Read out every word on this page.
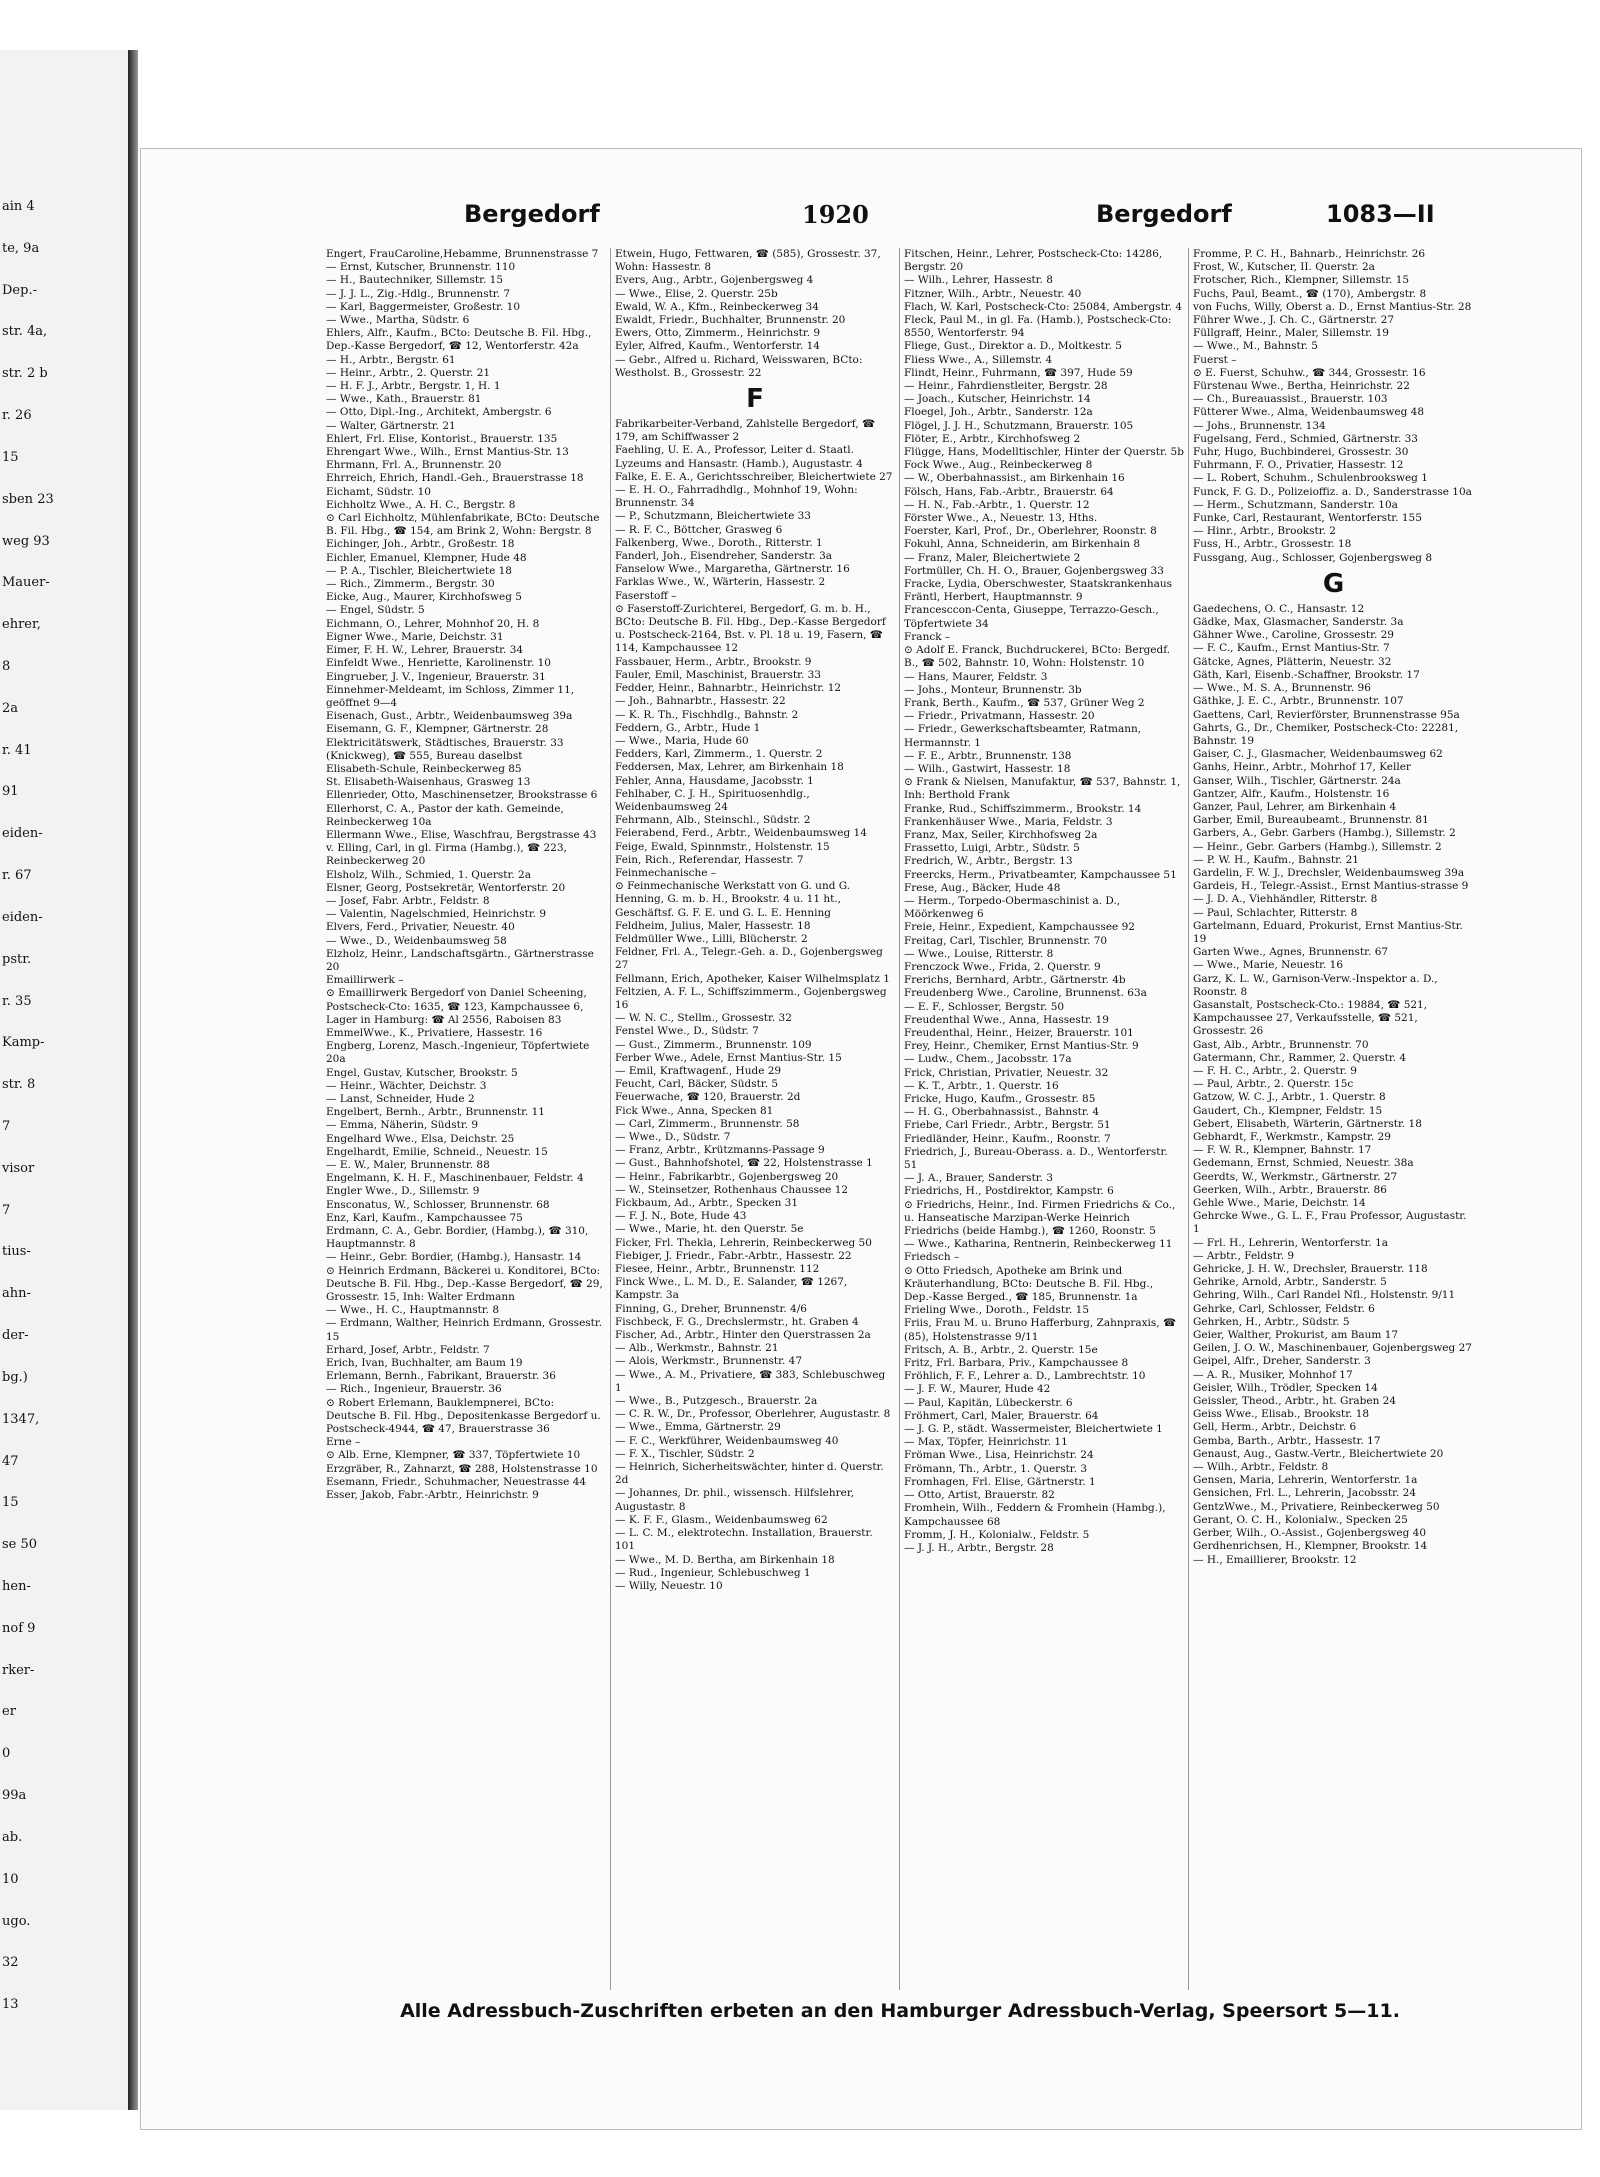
ain 4
te, 9a
Dep.-
str. 4a,
str. 2 b
r. 26
15
sben 23
weg 93
Mauer-
ehrer,
8
2a
r. 41
91
eiden-
r. 67
eiden-
pstr.
r. 35
Kamp-
str. 8
7
visor
7
tius-
ahn-
der-
bg.)
1347,
47
15
se 50
hen-
nof 9
rker-
er
0
99a
ab.
10
ugo.
32
13
Bergedorf	1920	Bergedorf	1083—II
Engert, FrauCaroline,Hebamme, Brunnenstrasse 7
— Ernst, Kutscher, Brunnenstr. 110
— H., Bautechniker, Sillemstr. 15
— J. J. L., Zig.-Hdlg., Brunnenstr. 7
— Karl, Baggermeister, Großestr. 10
— Wwe., Martha, Südstr. 6
Ehlers, Alfr., Kaufm., BCto: Deutsche B. Fil. Hbg., Dep.-Kasse Bergedorf, ☎ 12, Wentorferstr. 42a
— H., Arbtr., Bergstr. 61
— Heinr., Arbtr., 2. Querstr. 21
— H. F. J., Arbtr., Bergstr. 1, H. 1
— Wwe., Kath., Brauerstr. 81
— Otto, Dipl.-Ing., Architekt, Ambergstr. 6
— Walter, Gärtnerstr. 21
Ehlert, Frl. Elise, Kontorist., Brauerstr. 135
Ehrengart Wwe., Wilh., Ernst Mantius-Str. 13
Ehrmann, Frl. A., Brunnenstr. 20
Ehrreich, Ehrich, Handl.-Geh., Brauerstrasse 18
Eichamt, Südstr. 10
Eichholtz Wwe., A. H. C., Bergstr. 8
⊙ Carl Eichholtz, Mühlenfabrikate, BCto: Deutsche B. Fil. Hbg., ☎ 154, am Brink 2, Wohn: Bergstr. 8
Eichinger, Joh., Arbtr., Großestr. 18
Eichler, Emanuel, Klempner, Hude 48
— P. A., Tischler, Bleichertwiete 18
— Rich., Zimmerm., Bergstr. 30
Eicke, Aug., Maurer, Kirchhofsweg 5
— Engel, Südstr. 5
Eichmann, O., Lehrer, Mohnhof 20, H. 8
Eigner Wwe., Marie, Deichstr. 31
Eimer, F. H. W., Lehrer, Brauerstr. 34
Einfeldt Wwe., Henriette, Karolinenstr. 10
Eingrueber, J. V., Ingenieur, Brauerstr. 31
Einnehmer-Meldeamt, im Schloss, Zimmer 11, geöffnet 9—4
Eisenach, Gust., Arbtr., Weidenbaumsweg 39a
Eisemann, G. F., Klempner, Gärtnerstr. 28
Elektricitätswerk, Städtisches, Brauerstr. 33 (Knickweg), ☎ 555, Bureau daselbst
Elisabeth-Schule, Reinbeckerweg 85
St. Elisabeth-Waisenhaus, Grasweg 13
Ellenrieder, Otto, Maschinensetzer, Brookstrasse 6
Ellerhorst, C. A., Pastor der kath. Gemeinde, Reinbeckerweg 10a
Ellermann Wwe., Elise, Waschfrau, Bergstrasse 43
v. Elling, Carl, in gl. Firma (Hambg.), ☎ 223, Reinbeckerweg 20
Elsholz, Wilh., Schmied, 1. Querstr. 2a
Elsner, Georg, Postsekretär, Wentorferstr. 20
— Josef, Fabr. Arbtr., Feldstr. 8
— Valentin, Nagelschmied, Heinrichstr. 9
Elvers, Ferd., Privatier, Neuestr. 40
— Wwe., D., Weidenbaumsweg 58
Elzholz, Heinr., Landschaftsgärtn., Gärtnerstrasse 20
Emaillirwerk –
⊙ Emaillirwerk Bergedorf von Daniel Scheening, Postscheck-Cto: 1635, ☎ 123, Kampchaussee 6, Lager in Hamburg: ☎ Al 2556, Raboisen 83
EmmelWwe., K., Privatiere, Hassestr. 16
Engberg, Lorenz, Masch.-Ingenieur, Töpfertwiete 20a
Engel, Gustav, Kutscher, Brookstr. 5
— Heinr., Wächter, Deichstr. 3
— Lanst, Schneider, Hude 2
Engelbert, Bernh., Arbtr., Brunnenstr. 11
— Emma, Näherin, Südstr. 9
Engelhard Wwe., Elsa, Deichstr. 25
Engelhardt, Emilie, Schneid., Neuestr. 15
— E. W., Maler, Brunnenstr. 88
Engelmann, K. H. F., Maschinenbauer, Feldstr. 4
Engler Wwe., D., Sillemstr. 9
Ensconatus, W., Schlosser, Brunnenstr. 68
Enz, Karl, Kaufm., Kampchaussee 75
Erdmann, C. A., Gebr. Bordier, (Hambg.), ☎ 310, Hauptmannstr. 8
— Heinr., Gebr. Bordier, (Hambg.), Hansastr. 14
⊙ Heinrich Erdmann, Bäckerei u. Konditorei, BCto: Deutsche B. Fil. Hbg., Dep.-Kasse Bergedorf, ☎ 29, Grossestr. 15, Inh: Walter Erdmann
— Wwe., H. C., Hauptmannstr. 8
— Erdmann, Walther, Heinrich Erdmann, Grossestr. 15
Erhard, Josef, Arbtr., Feldstr. 7
Erich, Ivan, Buchhalter, am Baum 19
Erlemann, Bernh., Fabrikant, Brauerstr. 36
— Rich., Ingenieur, Brauerstr. 36
⊙ Robert Erlemann, Bauklempnerei, BCto: Deutsche B. Fil. Hbg., Depositenkasse Bergedorf u. Postscheck-4944, ☎ 47, Brauerstrasse 36
Erne –
⊙ Alb. Erne, Klempner, ☎ 337, Töpfertwiete 10
Erzgräber, R., Zahnarzt, ☎ 288, Holstenstrasse 10
Esemann, Friedr., Schuhmacher, Neuestrasse 44
Esser, Jakob, Fabr.-Arbtr., Heinrichstr. 9
Etwein, Hugo, Fettwaren, ☎ (585), Grossestr. 37, Wohn: Hassestr. 8
Evers, Aug., Arbtr., Gojenbergsweg 4
— Wwe., Elise, 2. Querstr. 25b
Ewald, W. A., Kfm., Reinbeckerweg 34
Ewaldt, Friedr., Buchhalter, Brunnenstr. 20
Ewers, Otto, Zimmerm., Heinrichstr. 9
Eyler, Alfred, Kaufm., Wentorferstr. 14
— Gebr., Alfred u. Richard, Weisswaren, BCto: Westholst. B., Grossestr. 22
F
Fabrikarbeiter-Verband, Zahlstelle Bergedorf, ☎ 179, am Schiffwasser 2
Faehling, U. E. A., Professor, Leiter d. Staatl. Lyzeums and Hansastr. (Hamb.), Augustastr. 4
Falke, E. E. A., Gerichtsschreiber, Bleichertwiete 27
— E. H. O., Fahrradhdlg., Mohnhof 19, Wohn: Brunnenstr. 34
— P., Schutzmann, Bleichertwiete 33
— R. F. C., Böttcher, Grasweg 6
Falkenberg, Wwe., Doroth., Ritterstr. 1
Fanderl, Joh., Eisendreher, Sanderstr. 3a
Fanselow Wwe., Margaretha, Gärtnerstr. 16
Farklas Wwe., W., Wärterin, Hassestr. 2
Faserstoff –
⊙ Faserstoff-Zurichterei, Bergedorf, G. m. b. H., BCto: Deutsche B. Fil. Hbg., Dep.-Kasse Bergedorf u. Postscheck-2164, Bst. v. Pl. 18 u. 19, Fasern, ☎ 114, Kampchaussee 12
Fassbauer, Herm., Arbtr., Brookstr. 9
Fauler, Emil, Maschinist, Brauerstr. 33
Fedder, Heinr., Bahnarbtr., Heinrichstr. 12
— Joh., Bahnarbtr., Hassestr. 22
— K. R. Th., Fischhdlg., Bahnstr. 2
Feddern, G., Arbtr., Hude 1
— Wwe., Maria, Hude 60
Fedders, Karl, Zimmerm., 1. Querstr. 2
Feddersen, Max, Lehrer, am Birkenhain 18
Fehler, Anna, Hausdame, Jacobsstr. 1
Fehlhaber, C. J. H., Spirituosenhdlg., Weidenbaumsweg 24
Fehrmann, Alb., Steinschl., Südstr. 2
Feierabend, Ferd., Arbtr., Weidenbaumsweg 14
Feige, Ewald, Spinnmstr., Holstenstr. 15
Fein, Rich., Referendar, Hassestr. 7
Feinmechanische –
⊙ Feinmechanische Werkstatt von G. und G. Henning, G. m. b. H., Brookstr. 4 u. 11 ht., Geschäftsf. G. F. E. und G. L. E. Henning
Feldheim, Julius, Maler, Hassestr. 18
Feldmüller Wwe., Lilli, Blücherstr. 2
Feldner, Frl. A., Telegr.-Geh. a. D., Gojenbergsweg 27
Fellmann, Erich, Apotheker, Kaiser Wilhelmsplatz 1
Feltzien, A. F. L., Schiffszimmerm., Gojenbergsweg 16
— W. N. C., Stellm., Grossestr. 32
Fenstel Wwe., D., Südstr. 7
— Gust., Zimmerm., Brunnenstr. 109
Ferber Wwe., Adele, Ernst Mantius-Str. 15
— Emil, Kraftwagenf., Hude 29
Feucht, Carl, Bäcker, Südstr. 5
Feuerwache, ☎ 120, Brauerstr. 2d
Fick Wwe., Anna, Specken 81
— Carl, Zimmerm., Brunnenstr. 58
— Wwe., D., Südstr. 7
— Franz, Arbtr., Krützmanns-Passage 9
— Gust., Bahnhofshotel, ☎ 22, Holstenstrasse 1
— Heinr., Fabrikarbtr., Gojenbergsweg 20
— W., Steinsetzer, Rothenhaus Chaussee 12
Fickbaum, Ad., Arbtr., Specken 31
— F. J. N., Bote, Hude 43
— Wwe., Marie, ht. den Querstr. 5e
Ficker, Frl. Thekla, Lehrerin, Reinbeckerweg 50
Fiebiger, J. Friedr., Fabr.-Arbtr., Hassestr. 22
Fiesee, Heinr., Arbtr., Brunnenstr. 112
Finck Wwe., L. M. D., E. Salander, ☎ 1267, Kampstr. 3a
Finning, G., Dreher, Brunnenstr. 4/6
Fischbeck, F. G., Drechslermstr., ht. Graben 4
Fischer, Ad., Arbtr., Hinter den Querstrassen 2a
— Alb., Werkmstr., Bahnstr. 21
— Alois, Werkmstr., Brunnenstr. 47
— Wwe., A. M., Privatiere, ☎ 383, Schlebuschweg 1
— Wwe., B., Putzgesch., Brauerstr. 2a
— C. R. W., Dr., Professor, Oberlehrer, Augustastr. 8
— Wwe., Emma, Gärtnerstr. 29
— F. C., Werkführer, Weidenbaumsweg 40
— F. X., Tischler, Südstr. 2
— Heinrich, Sicherheitswächter, hinter d. Querstr. 2d
— Johannes, Dr. phil., wissensch. Hilfslehrer, Augustastr. 8
— K. F. F., Glasm., Weidenbaumsweg 62
— L. C. M., elektrotechn. Installation, Brauerstr. 101
— Wwe., M. D. Bertha, am Birkenhain 18
— Rud., Ingenieur, Schlebuschweg 1
— Willy, Neuestr. 10
Fitschen, Heinr., Lehrer, Postscheck-Cto: 14286, Bergstr. 20
— Wilh., Lehrer, Hassestr. 8
Fitzner, Wilh., Arbtr., Neuestr. 40
Flach, W. Karl, Postscheck-Cto: 25084, Ambergstr. 4
Fleck, Paul M., in gl. Fa. (Hamb.), Postscheck-Cto: 8550, Wentorferstr. 94
Fliege, Gust., Direktor a. D., Moltkestr. 5
Fliess Wwe., A., Sillemstr. 4
Flindt, Heinr., Fuhrmann, ☎ 397, Hude 59
— Heinr., Fahrdienstleiter, Bergstr. 28
— Joach., Kutscher, Heinrichstr. 14
Floegel, Joh., Arbtr., Sanderstr. 12a
Flögel, J. J. H., Schutzmann, Brauerstr. 105
Flöter, E., Arbtr., Kirchhofsweg 2
Flügge, Hans, Modelltischler, Hinter der Querstr. 5b
Fock Wwe., Aug., Reinbeckerweg 8
— W., Oberbahnassist., am Birkenhain 16
Fölsch, Hans, Fab.-Arbtr., Brauerstr. 64
— H. N., Fab.-Arbtr., 1. Querstr. 12
Förster Wwe., A., Neuestr. 13, Hths.
Foerster, Karl, Prof., Dr., Oberlehrer, Roonstr. 8
Fokuhl, Anna, Schneiderin, am Birkenhain 8
— Franz, Maler, Bleichertwiete 2
Fortmüller, Ch. H. O., Brauer, Gojenbergsweg 33
Fracke, Lydia, Oberschwester, Staatskrankenhaus
Fräntl, Herbert, Hauptmannstr. 9
Francesccon-Centa, Giuseppe, Terrazzo-Gesch., Töpfertwiete 34
Franck –
⊙ Adolf E. Franck, Buchdruckerei, BCto: Bergedf. B., ☎ 502, Bahnstr. 10, Wohn: Holstenstr. 10
— Hans, Maurer, Feldstr. 3
— Johs., Monteur, Brunnenstr. 3b
Frank, Berth., Kaufm., ☎ 537, Grüner Weg 2
— Friedr., Privatmann, Hassestr. 20
— Friedr., Gewerkschaftsbeamter, Ratmann, Hermannstr. 1
— F. E., Arbtr., Brunnenstr. 138
— Wilh., Gastwirt, Hassestr. 18
⊙ Frank & Nielsen, Manufaktur, ☎ 537, Bahnstr. 1, Inh: Berthold Frank
Franke, Rud., Schiffszimmerm., Brookstr. 14
Frankenhäuser Wwe., Maria, Feldstr. 3
Franz, Max, Seiler, Kirchhofsweg 2a
Frassetto, Luigi, Arbtr., Südstr. 5
Fredrich, W., Arbtr., Bergstr. 13
Freercks, Herm., Privatbeamter, Kampchaussee 51
Frese, Aug., Bäcker, Hude 48
— Herm., Torpedo-Obermaschinist a. D., Möörkenweg 6
Freie, Heinr., Expedient, Kampchaussee 92
Freitag, Carl, Tischler, Brunnenstr. 70
— Wwe., Louise, Ritterstr. 8
Frenczock Wwe., Frida, 2. Querstr. 9
Frerichs, Bernhard, Arbtr., Gärtnerstr. 4b
Freudenberg Wwe., Caroline, Brunnenst. 63a
— E. F., Schlosser, Bergstr. 50
Freudenthal Wwe., Anna, Hassestr. 19
Freudenthal, Heinr., Heizer, Brauerstr. 101
Frey, Heinr., Chemiker, Ernst Mantius-Str. 9
— Ludw., Chem., Jacobsstr. 17a
Frick, Christian, Privatier, Neuestr. 32
— K. T., Arbtr., 1. Querstr. 16
Fricke, Hugo, Kaufm., Grossestr. 85
— H. G., Oberbahnassist., Bahnstr. 4
Friebe, Carl Friedr., Arbtr., Bergstr. 51
Friedländer, Heinr., Kaufm., Roonstr. 7
Friedrich, J., Bureau-Oberass. a. D., Wentorferstr. 51
— J. A., Brauer, Sanderstr. 3
Friedrichs, H., Postdirektor, Kampstr. 6
⊙ Friedrichs, Heinr., Ind. Firmen Friedrichs & Co., u. Hanseatische Marzipan-Werke Heinrich Friedrichs (beide Hambg.), ☎ 1260, Roonstr. 5
— Wwe., Katharina, Rentnerin, Reinbeckerweg 11
Friedsch –
⊙ Otto Friedsch, Apotheke am Brink und Kräuterhandlung, BCto: Deutsche B. Fil. Hbg., Dep.-Kasse Berged., ☎ 185, Brunnenstr. 1a
Frieling Wwe., Doroth., Feldstr. 15
Friis, Frau M. u. Bruno Hafferburg, Zahnpraxis, ☎ (85), Holstenstrasse 9/11
Fritsch, A. B., Arbtr., 2. Querstr. 15e
Fritz, Frl. Barbara, Priv., Kampchaussee 8
Fröhlich, F. F., Lehrer a. D., Lambrechtstr. 10
— J. F. W., Maurer, Hude 42
— Paul, Kapitän, Lübeckerstr. 6
Fröhmert, Carl, Maler, Brauerstr. 64
— J. G. P., städt. Wassermeister, Bleichertwiete 1
— Max, Töpfer, Heinrichstr. 11
Fröman Wwe., Lisa, Heinrichstr. 24
Frömann, Th., Arbtr., 1. Querstr. 3
Fromhagen, Frl. Elise, Gärtnerstr. 1
— Otto, Artist, Brauerstr. 82
Fromhein, Wilh., Feddern & Fromhein (Hambg.), Kampchaussee 68
Fromm, J. H., Kolonialw., Feldstr. 5
— J. J. H., Arbtr., Bergstr. 28
Fromme, P. C. H., Bahnarb., Heinrichstr. 26
Frost, W., Kutscher, II. Querstr. 2a
Frotscher, Rich., Klempner, Sillemstr. 15
Fuchs, Paul, Beamt., ☎ (170), Ambergstr. 8
von Fuchs, Willy, Oberst a. D., Ernst Mantius-Str. 28
Führer Wwe., J. Ch. C., Gärtnerstr. 27
Füllgraff, Heinr., Maler, Sillemstr. 19
— Wwe., M., Bahnstr. 5
Fuerst –
⊙ E. Fuerst, Schuhw., ☎ 344, Grossestr. 16
Fürstenau Wwe., Bertha, Heinrichstr. 22
— Ch., Bureauassist., Brauerstr. 103
Fütterer Wwe., Alma, Weidenbaumsweg 48
— Johs., Brunnenstr. 134
Fugelsang, Ferd., Schmied, Gärtnerstr. 33
Fuhr, Hugo, Buchbinderei, Grossestr. 30
Fuhrmann, F. O., Privatier, Hassestr. 12
— L. Robert, Schuhm., Schulenbrooksweg 1
Funck, F. G. D., Polizeioffiz. a. D., Sanderstrasse 10a
— Herm., Schutzmann, Sanderstr. 10a
Funke, Carl, Restaurant, Wentorferstr. 155
— Hinr., Arbtr., Brookstr. 2
Fuss, H., Arbtr., Grossestr. 18
Fussgang, Aug., Schlosser, Gojenbergsweg 8
G
Gaedechens, O. C., Hansastr. 12
Gädke, Max, Glasmacher, Sanderstr. 3a
Gähner Wwe., Caroline, Grossestr. 29
— F. C., Kaufm., Ernst Mantius-Str. 7
Gätcke, Agnes, Plätterin, Neuestr. 32
Gäth, Karl, Eisenb.-Schaffner, Brookstr. 17
— Wwe., M. S. A., Brunnenstr. 96
Gäthke, J. E. C., Arbtr., Brunnenstr. 107
Gaettens, Carl, Revierförster, Brunnenstrasse 95a
Gahrts, G., Dr., Chemiker, Postscheck-Cto: 22281, Bahnstr. 19
Gaiser, C. J., Glasmacher, Weidenbaumsweg 62
Ganhs, Heinr., Arbtr., Mohrhof 17, Keller
Ganser, Wilh., Tischler, Gärtnerstr. 24a
Gantzer, Alfr., Kaufm., Holstenstr. 16
Ganzer, Paul, Lehrer, am Birkenhain 4
Garber, Emil, Bureaubeamt., Brunnenstr. 81
Garbers, A., Gebr. Garbers (Hambg.), Sillemstr. 2
— Heinr., Gebr. Garbers (Hambg.), Sillemstr. 2
— P. W. H., Kaufm., Bahnstr. 21
Gardelin, F. W. J., Drechsler, Weidenbaumsweg 39a
Gardeis, H., Telegr.-Assist., Ernst Mantius-strasse 9
— J. D. A., Viehhändler, Ritterstr. 8
— Paul, Schlachter, Ritterstr. 8
Gartelmann, Eduard, Prokurist, Ernst Mantius-Str. 19
Garten Wwe., Agnes, Brunnenstr. 67
— Wwe., Marie, Neuestr. 16
Garz, K. L. W., Garnison-Verw.-Inspektor a. D., Roonstr. 8
Gasanstalt, Postscheck-Cto.: 19884, ☎ 521, Kampchaussee 27, Verkaufsstelle, ☎ 521, Grossestr. 26
Gast, Alb., Arbtr., Brunnenstr. 70
Gatermann, Chr., Rammer, 2. Querstr. 4
— F. H. C., Arbtr., 2. Querstr. 9
— Paul, Arbtr., 2. Querstr. 15c
Gatzow, W. C. J., Arbtr., 1. Querstr. 8
Gaudert, Ch., Klempner, Feldstr. 15
Gebert, Elisabeth, Wärterin, Gärtnerstr. 18
Gebhardt, F., Werkmstr., Kampstr. 29
— F. W. R., Klempner, Bahnstr. 17
Gedemann, Ernst, Schmied, Neuestr. 38a
Geerdts, W., Werkmstr., Gärtnerstr. 27
Geerken, Wilh., Arbtr., Brauerstr. 86
Gehle Wwe., Marie, Deichstr. 14
Gehrcke Wwe., G. L. F., Frau Professor, Augustastr. 1
— Frl. H., Lehrerin, Wentorferstr. 1a
— Arbtr., Feldstr. 9
Gehricke, J. H. W., Drechsler, Brauerstr. 118
Gehrike, Arnold, Arbtr., Sanderstr. 5
Gehring, Wilh., Carl Randel Nfl., Holstenstr. 9/11
Gehrke, Carl, Schlosser, Feldstr. 6
Gehrken, H., Arbtr., Südstr. 5
Geier, Walther, Prokurist, am Baum 17
Geilen, J. O. W., Maschinenbauer, Gojenbergsweg 27
Geipel, Alfr., Dreher, Sanderstr. 3
— A. R., Musiker, Mohnhof 17
Geisler, Wilh., Trödler, Specken 14
Geissler, Theod., Arbtr., ht. Graben 24
Geiss Wwe., Elisab., Brookstr. 18
Gell, Herm., Arbtr., Deichstr. 6
Gemba, Barth., Arbtr., Hassestr. 17
Genaust, Aug., Gastw.-Vertr., Bleichertwiete 20
— Wilh., Arbtr., Feldstr. 8
Gensen, Maria, Lehrerin, Wentorferstr. 1a
Gensichen, Frl. L., Lehrerin, Jacobsstr. 24
GentzWwe., M., Privatiere, Reinbeckerweg 50
Gerant, O. C. H., Kolonialw., Specken 25
Gerber, Wilh., O.-Assist., Gojenbergsweg 40
Gerdhenrichsen, H., Klempner, Brookstr. 14
— H., Emaillierer, Brookstr. 12
Alle Adressbuch-Zuschriften erbeten an den Hamburger Adressbuch-Verlag, Speersort 5—11.
